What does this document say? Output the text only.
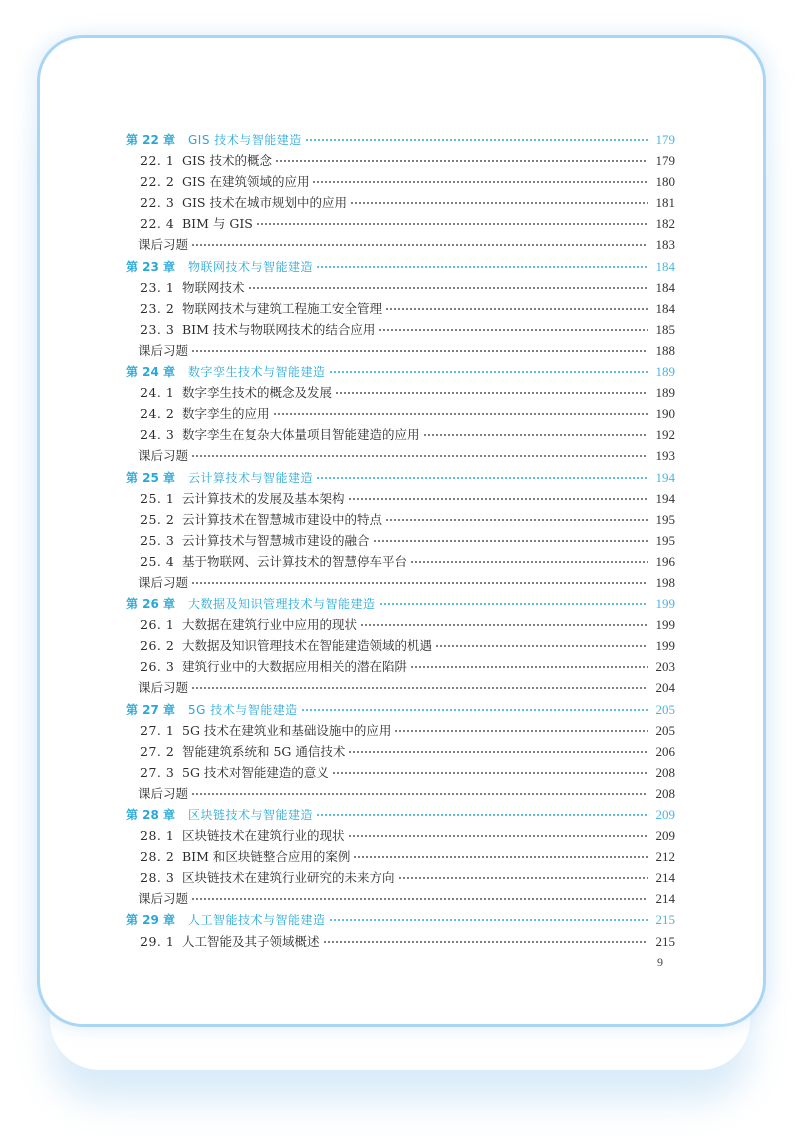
第 22 章	GIS 技术与智能建造	179
22. 1 GIS 技术的概念	179
22. 2 GIS 在建筑领域的应用	180
22. 3 GIS 技术在城市规划中的应用	181
22. 4 BIM 与 GIS	182
课后习题	183
第 23 章	物联网技术与智能建造	184
23. 1 物联网技术	184
23. 2 物联网技术与建筑工程施工安全管理	184
23. 3 BIM 技术与物联网技术的结合应用	185
课后习题	188
第 24 章	数字孪生技术与智能建造	189
24. 1 数字孪生技术的概念及发展	189
24. 2 数字孪生的应用	190
24. 3 数字孪生在复杂大体量项目智能建造的应用	192
课后习题	193
第 25 章	云计算技术与智能建造	194
25. 1 云计算技术的发展及基本架构	194
25. 2 云计算技术在智慧城市建设中的特点	195
25. 3 云计算技术与智慧城市建设的融合	195
25. 4 基于物联网、云计算技术的智慧停车平台	196
课后习题	198
第 26 章	大数据及知识管理技术与智能建造	199
26. 1 大数据在建筑行业中应用的现状	199
26. 2 大数据及知识管理技术在智能建造领域的机遇	199
26. 3 建筑行业中的大数据应用相关的潜在陷阱	203
课后习题	204
第 27 章	5G 技术与智能建造	205
27. 1 5G 技术在建筑业和基础设施中的应用	205
27. 2 智能建筑系统和 5G 通信技术	206
27. 3 5G 技术对智能建造的意义	208
课后习题	208
第 28 章	区块链技术与智能建造	209
28. 1 区块链技术在建筑行业的现状	209
28. 2 BIM 和区块链整合应用的案例	212
28. 3 区块链技术在建筑行业研究的未来方向	214
课后习题	214
第 29 章	人工智能技术与智能建造	215
29. 1 人工智能及其子领域概述	215
9
